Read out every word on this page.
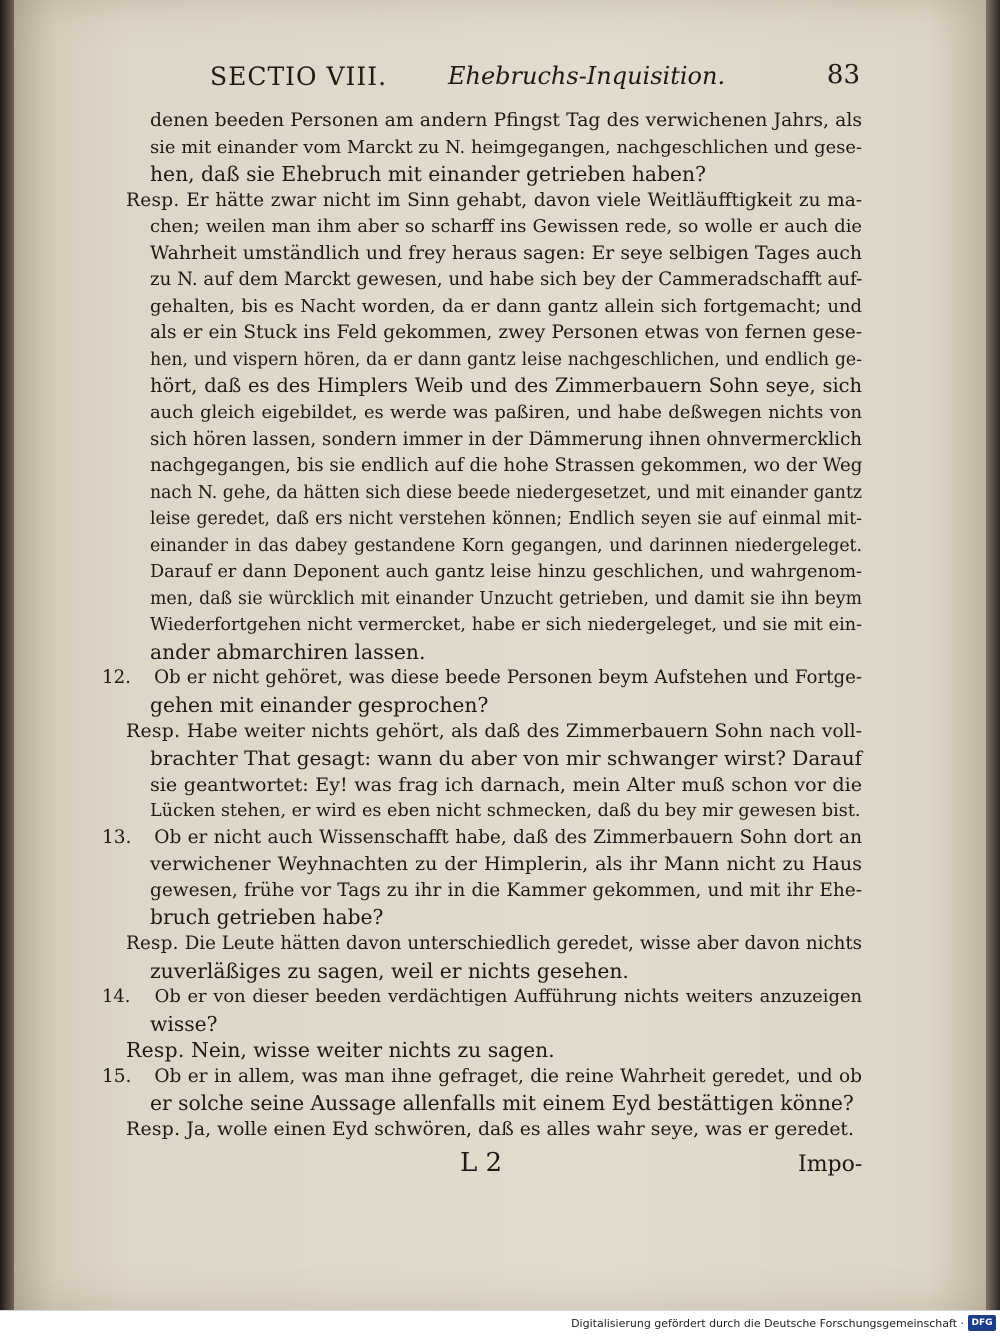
SECTIO VIII.	Ehebruchs-Inquisition.	83
denen beeden Personen am andern Pfingst Tag des verwichenen Jahrs, als
sie mit einander vom Marckt zu N. heimgegangen, nachgeschlichen und gese-
hen, daß sie Ehebruch mit einander getrieben haben?
Resp. Er hätte zwar nicht im Sinn gehabt, davon viele Weitläufftigkeit zu ma-
chen; weilen man ihm aber so scharff ins Gewissen rede, so wolle er auch die
Wahrheit umständlich und frey heraus sagen: Er seye selbigen Tages auch
zu N. auf dem Marckt gewesen, und habe sich bey der Cammeradschafft auf-
gehalten, bis es Nacht worden, da er dann gantz allein sich fortgemacht; und
als er ein Stuck ins Feld gekommen, zwey Personen etwas von fernen gese-
hen, und vispern hören, da er dann gantz leise nachgeschlichen, und endlich ge-
hört, daß es des Himplers Weib und des Zimmerbauern Sohn seye, sich
auch gleich eigebildet, es werde was paßiren, und habe deßwegen nichts von
sich hören lassen, sondern immer in der Dämmerung ihnen ohnvermercklich
nachgegangen, bis sie endlich auf die hohe Strassen gekommen, wo der Weg
nach N. gehe, da hätten sich diese beede niedergesetzet, und mit einander gantz
leise geredet, daß ers nicht verstehen können; Endlich seyen sie auf einmal mit-
einander in das dabey gestandene Korn gegangen, und darinnen niedergeleget.
Darauf er dann Deponent auch gantz leise hinzu geschlichen, und wahrgenom-
men, daß sie würcklich mit einander Unzucht getrieben, und damit sie ihn beym
Wiederfortgehen nicht vermercket, habe er sich niedergeleget, und sie mit ein-
ander abmarchiren lassen.
12. Ob er nicht gehöret, was diese beede Personen beym Aufstehen und Fortge-
gehen mit einander gesprochen?
Resp. Habe weiter nichts gehört, als daß des Zimmerbauern Sohn nach voll-
brachter That gesagt: wann du aber von mir schwanger wirst? Darauf
sie geantwortet: Ey! was frag ich darnach, mein Alter muß schon vor die
Lücken stehen, er wird es eben nicht schmecken, daß du bey mir gewesen bist.
13. Ob er nicht auch Wissenschafft habe, daß des Zimmerbauern Sohn dort an
verwichener Weyhnachten zu der Himplerin, als ihr Mann nicht zu Haus
gewesen, frühe vor Tags zu ihr in die Kammer gekommen, und mit ihr Ehe-
bruch getrieben habe?
Resp. Die Leute hätten davon unterschiedlich geredet, wisse aber davon nichts
zuverläßiges zu sagen, weil er nichts gesehen.
14. Ob er von dieser beeden verdächtigen Aufführung nichts weiters anzuzeigen
wisse?
Resp. Nein, wisse weiter nichts zu sagen.
15. Ob er in allem, was man ihne gefraget, die reine Wahrheit geredet, und ob
er solche seine Aussage allenfalls mit einem Eyd bestättigen könne?
Resp. Ja, wolle einen Eyd schwören, daß es alles wahr seye, was er geredet.
L 2	Impo-
Digitalisierung gefördert durch die Deutsche Forschungsgemeinschaft · DFG
